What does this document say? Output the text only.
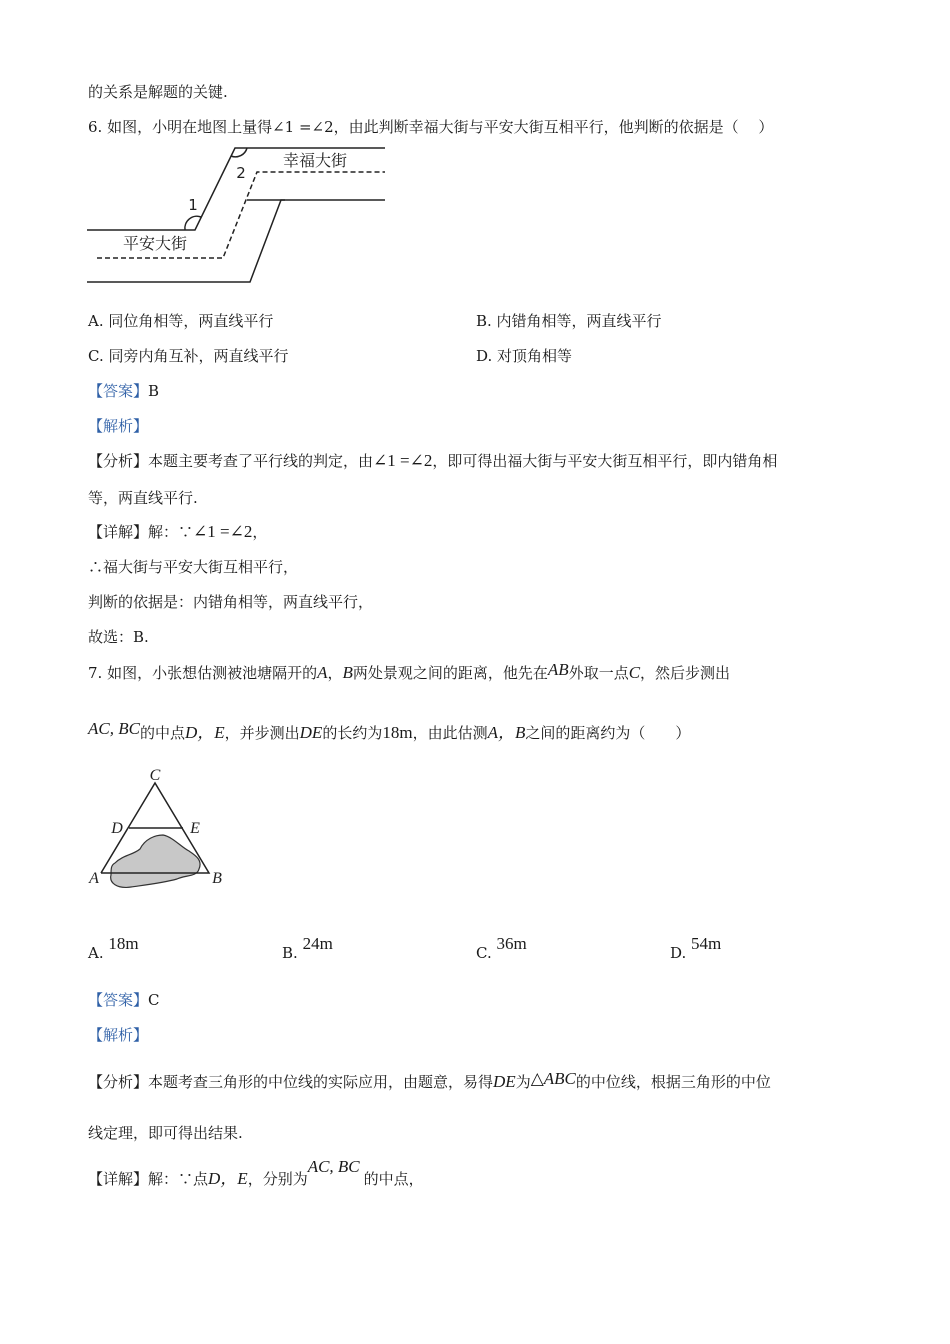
的关系是解题的关键.
6. 如图，小明在地图上量得∠1 =∠2，由此判断幸福大街与平安大街互相平行，他判断的依据是（　 ）
1
2
幸福大街
平安大街
A. 同位角相等，两直线平行	B. 内错角相等，两直线平行
C. 同旁内角互补，两直线平行	D. 对顶角相等
【答案】B
【解析】
【分析】本题主要考查了平行线的判定，由∠1 =∠2，即可得出福大街与平安大街互相平行，即内错角相
等，两直线平行.
【详解】解：∵∠1 =∠2，
∴福大街与平安大街互相平行，
判断的依据是：内错角相等，两直线平行，
故选：B.
7. 如图，小张想估测被池塘隔开的A，B两处景观之间的距离，他先在AB外取一点C，然后步测出
AC, BC的中点D，E，并步测出DE的长约为18m，由此估测A，B之间的距离约为（　　）
C
D	E
A	B
A. 18m	B. 24m	C. 36m	D. 54m
【答案】C
【解析】
【分析】本题考查三角形的中位线的实际应用，由题意，易得DE为△ABC的中位线，根据三角形的中位
线定理，即可得出结果.
【详解】解：∵点D，E，分别为AC, BC的中点，
